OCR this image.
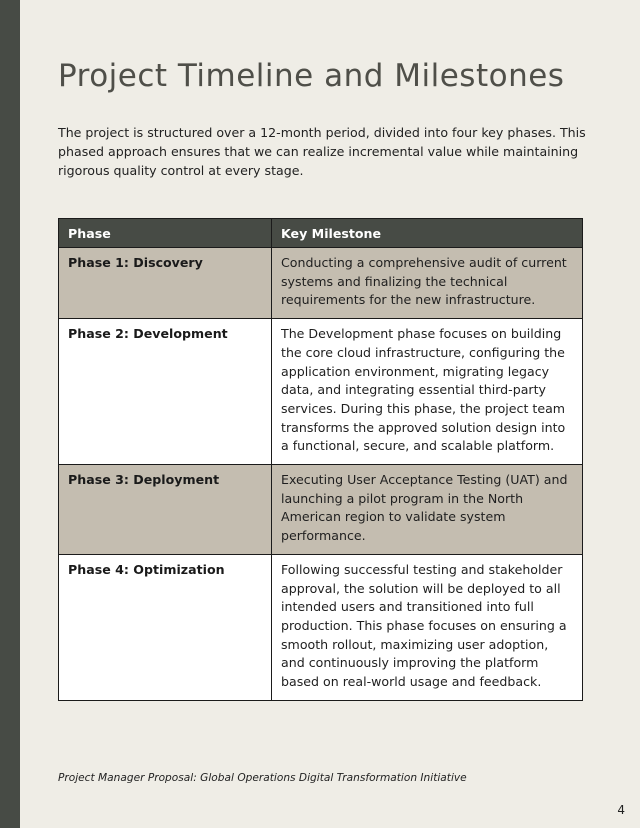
Project Timeline and Milestones

The project is structured over a 12-month period, divided into four key phases. This phased approach ensures that we can realize incremental value while maintaining rigorous quality control at every stage.

Phase	Key Milestone
Phase 1: Discovery	Conducting a comprehensive audit of current systems and finalizing the technical requirements for the new infrastructure.
Phase 2: Development	The Development phase focuses on building the core cloud infrastructure, configuring the application environment, migrating legacy data, and integrating essential third-party services. During this phase, the project team transforms the approved solution design into a functional, secure, and scalable platform.
Phase 3: Deployment	Executing User Acceptance Testing (UAT) and launching a pilot program in the North American region to validate system performance.
Phase 4: Optimization	Following successful testing and stakeholder approval, the solution will be deployed to all intended users and transitioned into full production. This phase focuses on ensuring a smooth rollout, maximizing user adoption, and continuously improving the platform based on real-world usage and feedback.

Project Manager Proposal: Global Operations Digital Transformation Initiative

4
